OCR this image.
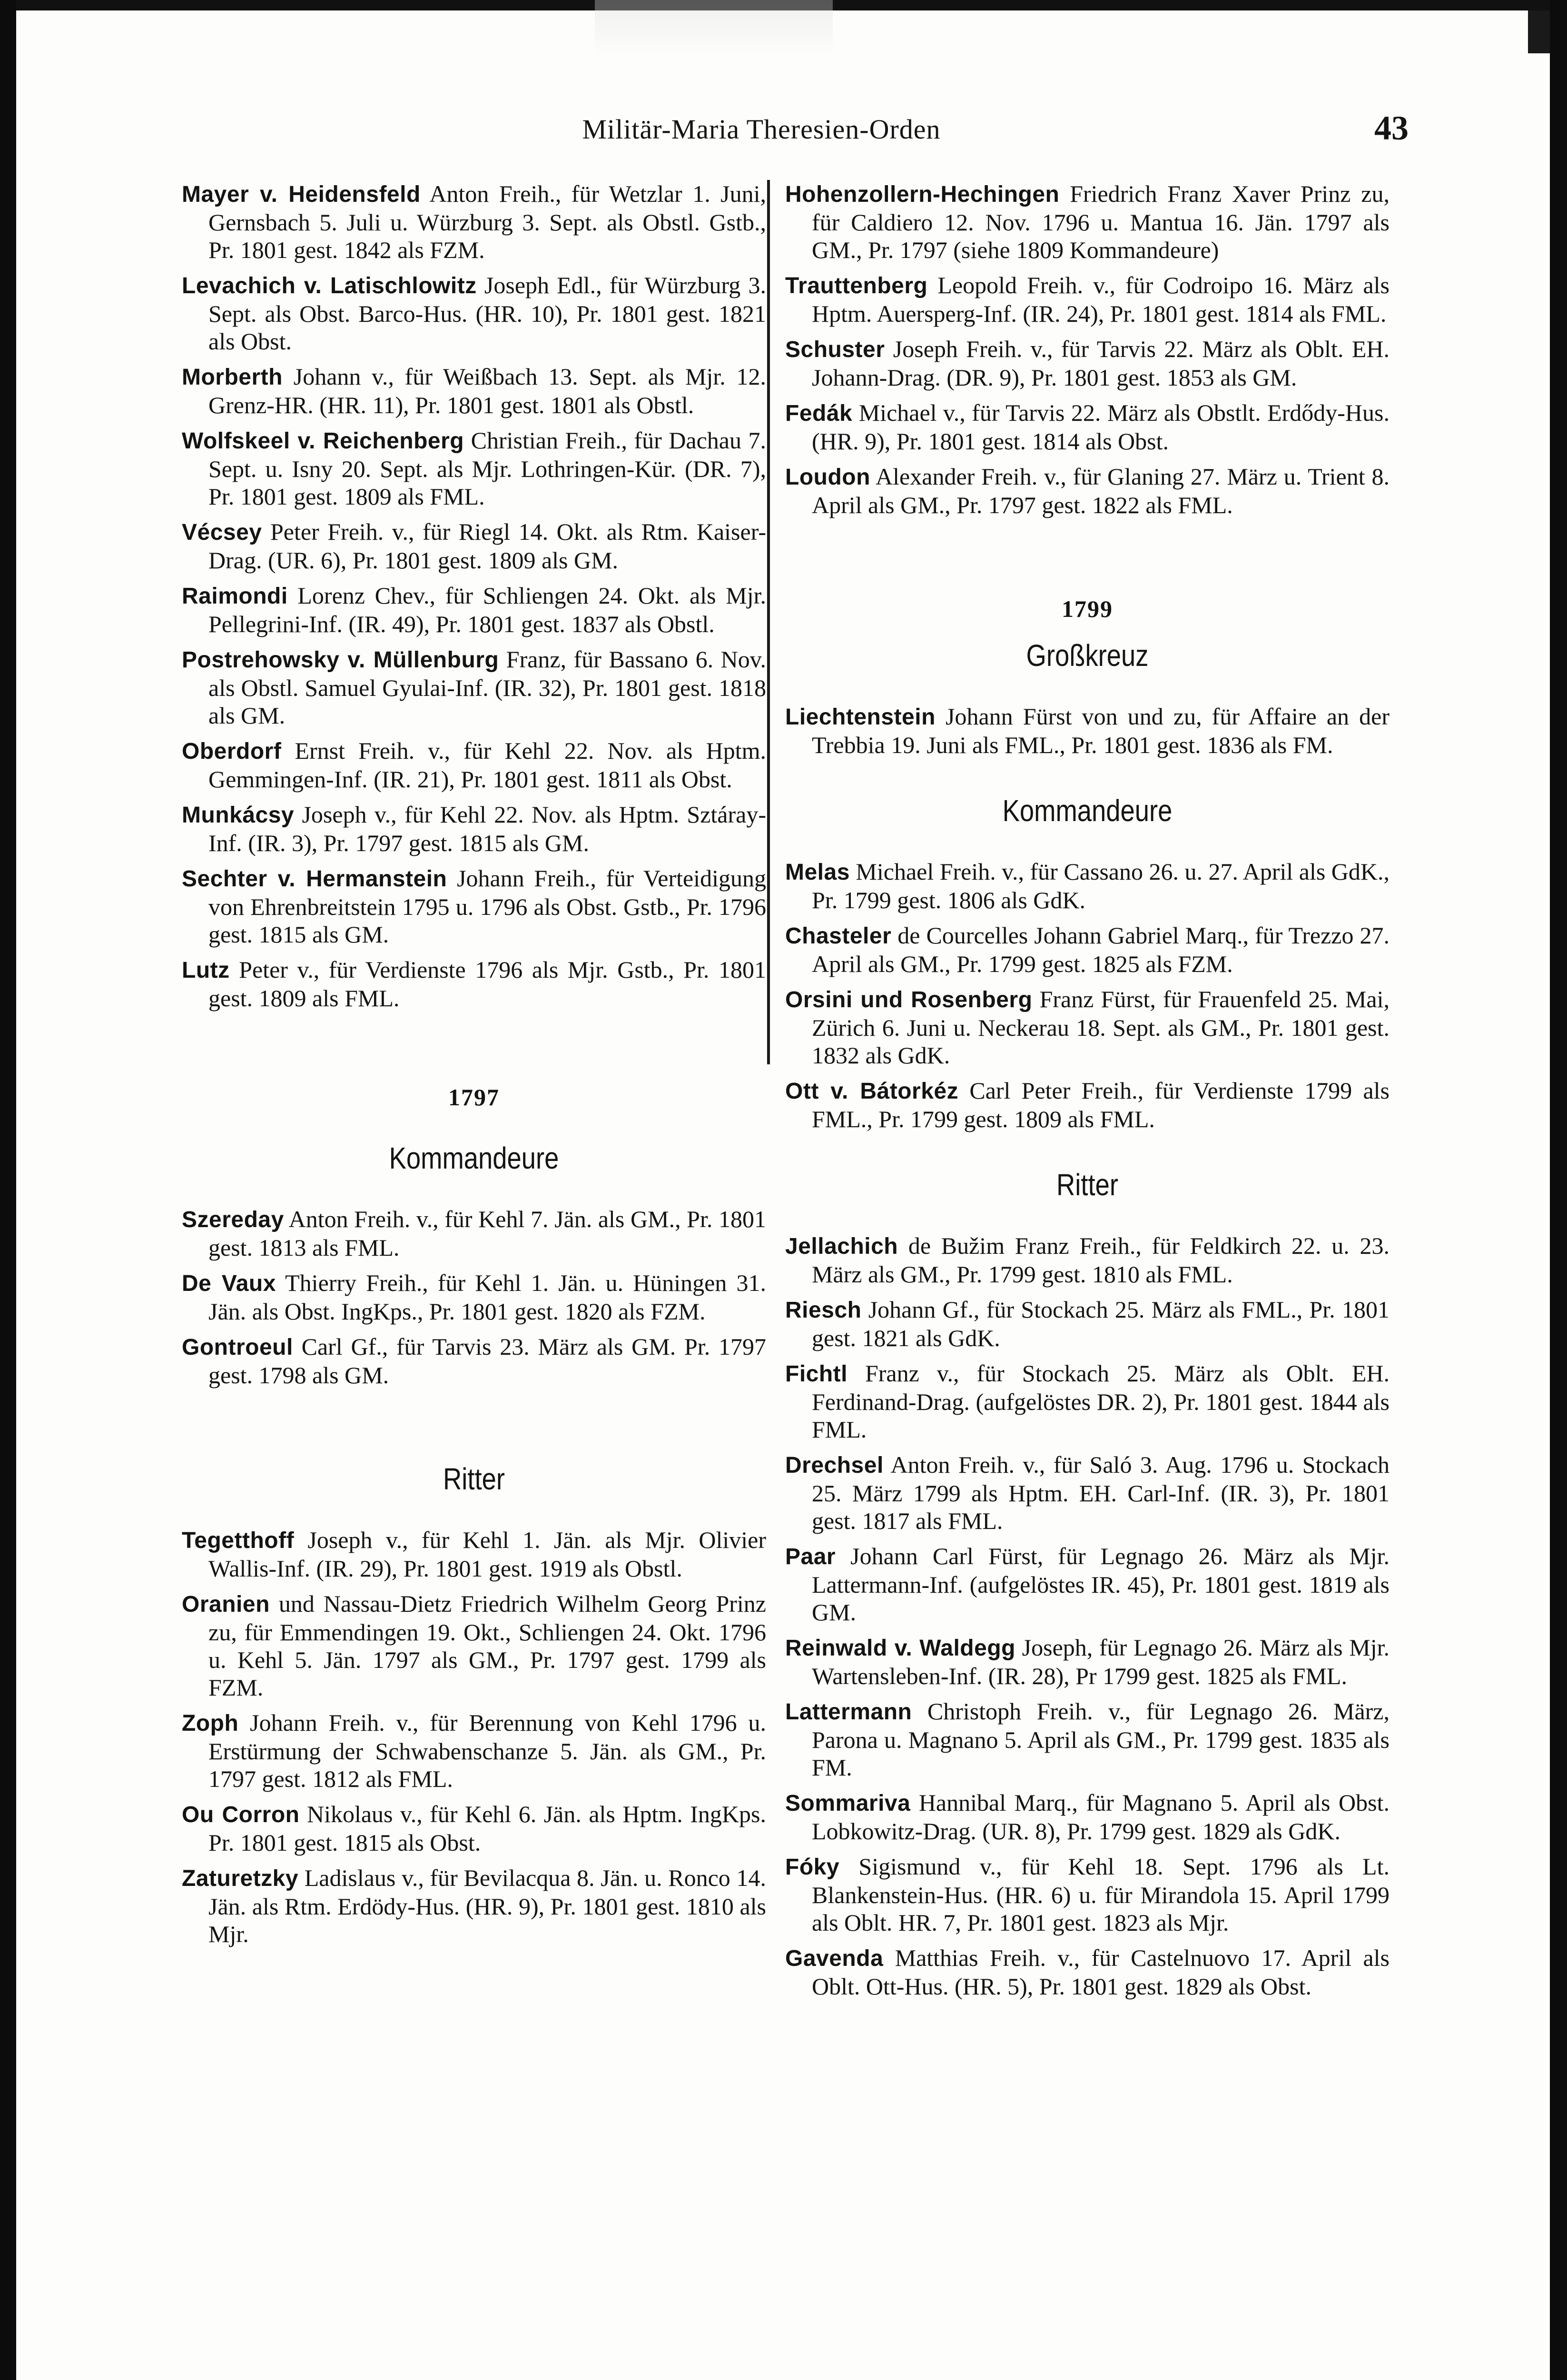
Militär-Maria Theresien-Orden	43

Mayer v. Heidensfeld Anton Freih., für Wetzlar 1. Juni, Gernsbach 5. Juli u. Würzburg 3. Sept. als Obstl. Gstb., Pr. 1801 gest. 1842 als FZM.

Levachich v. Latischlowitz Joseph Edl., für Würzburg 3. Sept. als Obst. Barco-Hus. (HR. 10), Pr. 1801 gest. 1821 als Obst.

Morberth Johann v., für Weißbach 13. Sept. als Mjr. 12. Grenz-HR. (HR. 11), Pr. 1801 gest. 1801 als Obstl.

Wolfskeel v. Reichenberg Christian Freih., für Dachau 7. Sept. u. Isny 20. Sept. als Mjr. Lothringen-Kür. (DR. 7), Pr. 1801 gest. 1809 als FML.

Vécsey Peter Freih. v., für Riegl 14. Okt. als Rtm. Kaiser-Drag. (UR. 6), Pr. 1801 gest. 1809 als GM.

Raimondi Lorenz Chev., für Schliengen 24. Okt. als Mjr. Pellegrini-Inf. (IR. 49), Pr. 1801 gest. 1837 als Obstl.

Postrehowsky v. Müllenburg Franz, für Bassano 6. Nov. als Obstl. Samuel Gyulai-Inf. (IR. 32), Pr. 1801 gest. 1818 als GM.

Oberdorf Ernst Freih. v., für Kehl 22. Nov. als Hptm. Gemmingen-Inf. (IR. 21), Pr. 1801 gest. 1811 als Obst.

Munkácsy Joseph v., für Kehl 22. Nov. als Hptm. Sztáray-Inf. (IR. 3), Pr. 1797 gest. 1815 als GM.

Sechter v. Hermanstein Johann Freih., für Verteidigung von Ehrenbreitstein 1795 u. 1796 als Obst. Gstb., Pr. 1796 gest. 1815 als GM.

Lutz Peter v., für Verdienste 1796 als Mjr. Gstb., Pr. 1801 gest. 1809 als FML.

1797
Kommandeure

Szereday Anton Freih. v., für Kehl 7. Jän. als GM., Pr. 1801 gest. 1813 als FML.

De Vaux Thierry Freih., für Kehl 1. Jän. u. Hüningen 31. Jän. als Obst. IngKps., Pr. 1801 gest. 1820 als FZM.

Gontroeul Carl Gf., für Tarvis 23. März als GM. Pr. 1797 gest. 1798 als GM.

Ritter

Tegetthoff Joseph v., für Kehl 1. Jän. als Mjr. Olivier Wallis-Inf. (IR. 29), Pr. 1801 gest. 1919 als Obstl.

Oranien und Nassau-Dietz Friedrich Wilhelm Georg Prinz zu, für Emmendingen 19. Okt., Schliengen 24. Okt. 1796 u. Kehl 5. Jän. 1797 als GM., Pr. 1797 gest. 1799 als FZM.

Zoph Johann Freih. v., für Berennung von Kehl 1796 u. Erstürmung der Schwabenschanze 5. Jän. als GM., Pr. 1797 gest. 1812 als FML.

Ou Corron Nikolaus v., für Kehl 6. Jän. als Hptm. IngKps. Pr. 1801 gest. 1815 als Obst.

Zaturetzky Ladislaus v., für Bevilacqua 8. Jän. u. Ronco 14. Jän. als Rtm. Erdödy-Hus. (HR. 9), Pr. 1801 gest. 1810 als Mjr.

Hohenzollern-Hechingen Friedrich Franz Xaver Prinz zu, für Caldiero 12. Nov. 1796 u. Mantua 16. Jän. 1797 als GM., Pr. 1797 (siehe 1809 Kommandeure)

Trauttenberg Leopold Freih. v., für Codroipo 16. März als Hptm. Auersperg-Inf. (IR. 24), Pr. 1801 gest. 1814 als FML.

Schuster Joseph Freih. v., für Tarvis 22. März als Oblt. EH. Johann-Drag. (DR. 9), Pr. 1801 gest. 1853 als GM.

Fedák Michael v., für Tarvis 22. März als Obstlt. Erdődy-Hus. (HR. 9), Pr. 1801 gest. 1814 als Obst.

Loudon Alexander Freih. v., für Glaning 27. März u. Trient 8. April als GM., Pr. 1797 gest. 1822 als FML.

1799
Großkreuz

Liechtenstein Johann Fürst von und zu, für Affaire an der Trebbia 19. Juni als FML., Pr. 1801 gest. 1836 als FM.

Kommandeure

Melas Michael Freih. v., für Cassano 26. u. 27. April als GdK., Pr. 1799 gest. 1806 als GdK.

Chasteler de Courcelles Johann Gabriel Marq., für Trezzo 27. April als GM., Pr. 1799 gest. 1825 als FZM.

Orsini und Rosenberg Franz Fürst, für Frauenfeld 25. Mai, Zürich 6. Juni u. Neckerau 18. Sept. als GM., Pr. 1801 gest. 1832 als GdK.

Ott v. Bátorkéz Carl Peter Freih., für Verdienste 1799 als FML., Pr. 1799 gest. 1809 als FML.

Ritter

Jellachich de Bužim Franz Freih., für Feldkirch 22. u. 23. März als GM., Pr. 1799 gest. 1810 als FML.

Riesch Johann Gf., für Stockach 25. März als FML., Pr. 1801 gest. 1821 als GdK.

Fichtl Franz v., für Stockach 25. März als Oblt. EH. Ferdinand-Drag. (aufgelöstes DR. 2), Pr. 1801 gest. 1844 als FML.

Drechsel Anton Freih. v., für Saló 3. Aug. 1796 u. Stockach 25. März 1799 als Hptm. EH. Carl-Inf. (IR. 3), Pr. 1801 gest. 1817 als FML.

Paar Johann Carl Fürst, für Legnago 26. März als Mjr. Lattermann-Inf. (aufgelöstes IR. 45), Pr. 1801 gest. 1819 als GM.

Reinwald v. Waldegg Joseph, für Legnago 26. März als Mjr. Wartensleben-Inf. (IR. 28), Pr 1799 gest. 1825 als FML.

Lattermann Christoph Freih. v., für Legnago 26. März, Parona u. Magnano 5. April als GM., Pr. 1799 gest. 1835 als FM.

Sommariva Hannibal Marq., für Magnano 5. April als Obst. Lobkowitz-Drag. (UR. 8), Pr. 1799 gest. 1829 als GdK.

Fóky Sigismund v., für Kehl 18. Sept. 1796 als Lt. Blankenstein-Hus. (HR. 6) u. für Mirandola 15. April 1799 als Oblt. HR. 7, Pr. 1801 gest. 1823 als Mjr.

Gavenda Matthias Freih. v., für Castelnuovo 17. April als Oblt. Ott-Hus. (HR. 5), Pr. 1801 gest. 1829 als Obst.
